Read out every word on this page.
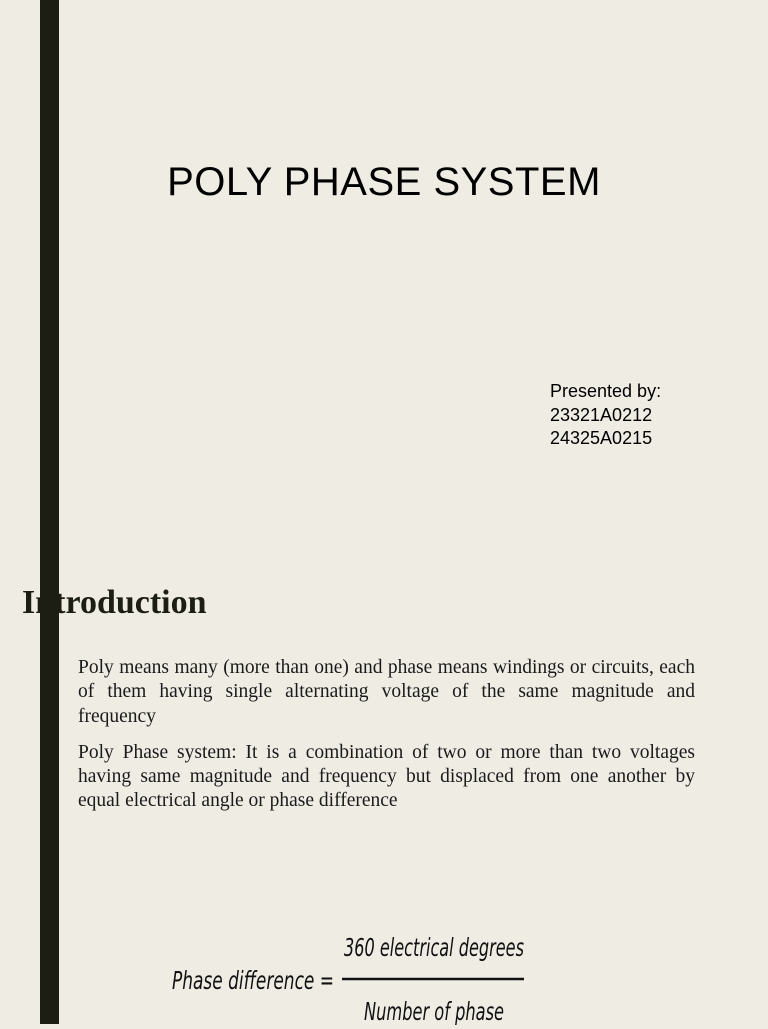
POLY PHASE SYSTEM
Presented by:
23321A0212
24325A0215
Introduction
• Poly means many (more than one) and phase means windings or circuits, each of them having single alternating voltage of the same magnitude and frequency
• Poly Phase system: It is a combination of two or more than two voltages having same magnitude and frequency but displaced from one another by equal electrical angle or phase difference
Phase difference =
360 electrical degrees
Number of phase
